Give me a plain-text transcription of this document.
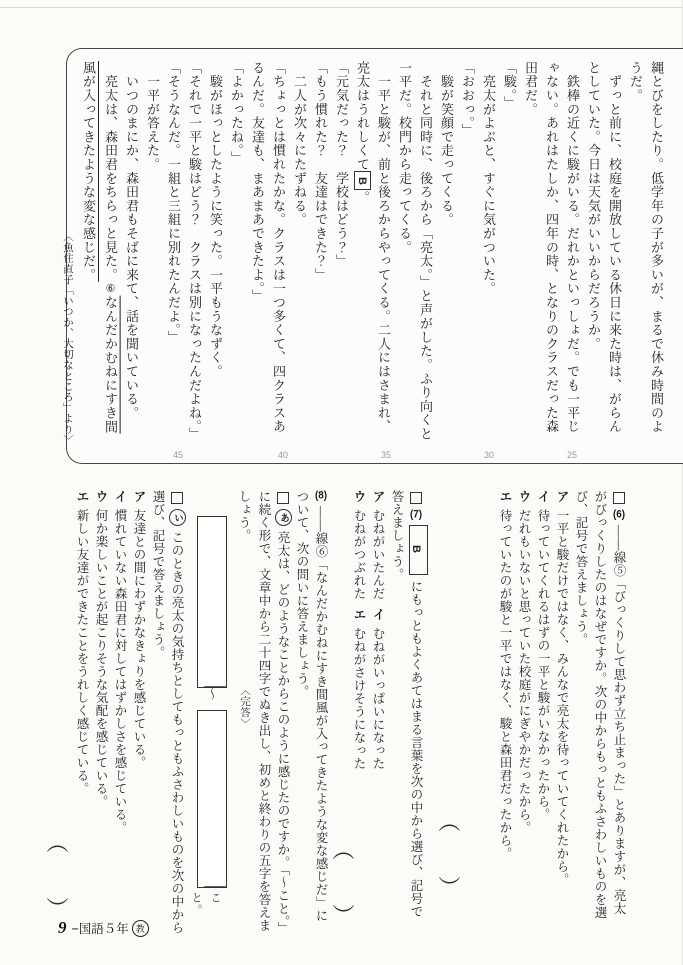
縄とびをしたり。低学年の子が多いが、まるで休み時間のようだ。

　ずっと前に、校庭を開放している休日に来た時は、がらんとしていた。今日は天気がいいからだろうか。

　鉄棒の近くに駿がいる。だれかといっしょだ。でも一平じゃない。あれはたしか、四年の時、となりのクラスだった森田君だ。

「駿。」

　亮太がよぶと、すぐに気がついた。

「おおっ。」

　駿が笑顔で走ってくる。

　それと同時に、後ろから「亮太。」と声がした。ふり向くと一平だ。校門から走ってくる。

　一平と駿が、前と後ろからやってくる。二人にはさまれ、亮太はうれしくてB。

「元気だった？　学校はどう？」

「もう慣れた？　友達はできた？」

　二人が次々にたずねる。

「ちょっとは慣れたかな。クラスは一つ多くて、四クラスあるんだ。友達も、まあまあできたよ。」

「よかったね。」

　駿がほっとしたように笑った。一平もうなずく。

「それで一平と駿はどう？　クラスは別になったんだよね。」

「そうなんだ。一組と三組に別れたんだよ。」

　一平が答えた。

　いつのまにか、森田君もそばに来て、話を聞いている。

　亮太は、森田君をちらっと見た。⑥なんだかむねにすき間風が入ってきたような変な感じだ。

〈魚住直子「いつか、大切なところ」より〉

45	40	35	30	25

(6)――線⑤「びっくりして思わず立ち止まった」とありますが、亮太がびっくりしたのはなぜですか。次の中からもっともふさわしいものを選び、記号で答えましょう。

ア一平と駿だけではなく、みんなで亮太を待っていてくれたから。

イ待っていてくれるはずの一平と駿がいなかったから。

ウだれもいないと思っていた校庭がにぎやかだったから。

エ待っていたのが駿と一平ではなく、駿と森田君だったから。

（　　）

(7)Bにもっともよくあてはまる言葉を次の中から選び、記号で答えましょう。

アむねがいたんだイむねがいっぱいになった

ウむねがつぶれたエむねがさけそうになった

（　　）

(8)――線⑥「なんだかむねにすき間風が入ってきたような変な感じだ」について、次の問いに答えましょう。

あ亮太は、どのようなことからこのように感じたのですか。「〜こと。」に続く形で、文章中から二十四字でぬき出し、初めと終わりの五字を答えましょう。〈完答〉

〜
こと。

いこのときの亮太の気持ちとしてもっともふさわしいものを次の中から選び、記号で答えましょう。

ア友達との間にわずかなきょりを感じている。

イ慣れていない森田君に対してはずかしさを感じている。

ウ何か楽しいことが起こりそうな気配を感じている。

エ新しい友達ができたことをうれしく感じている。

（　　）
9 −国語５年 教
